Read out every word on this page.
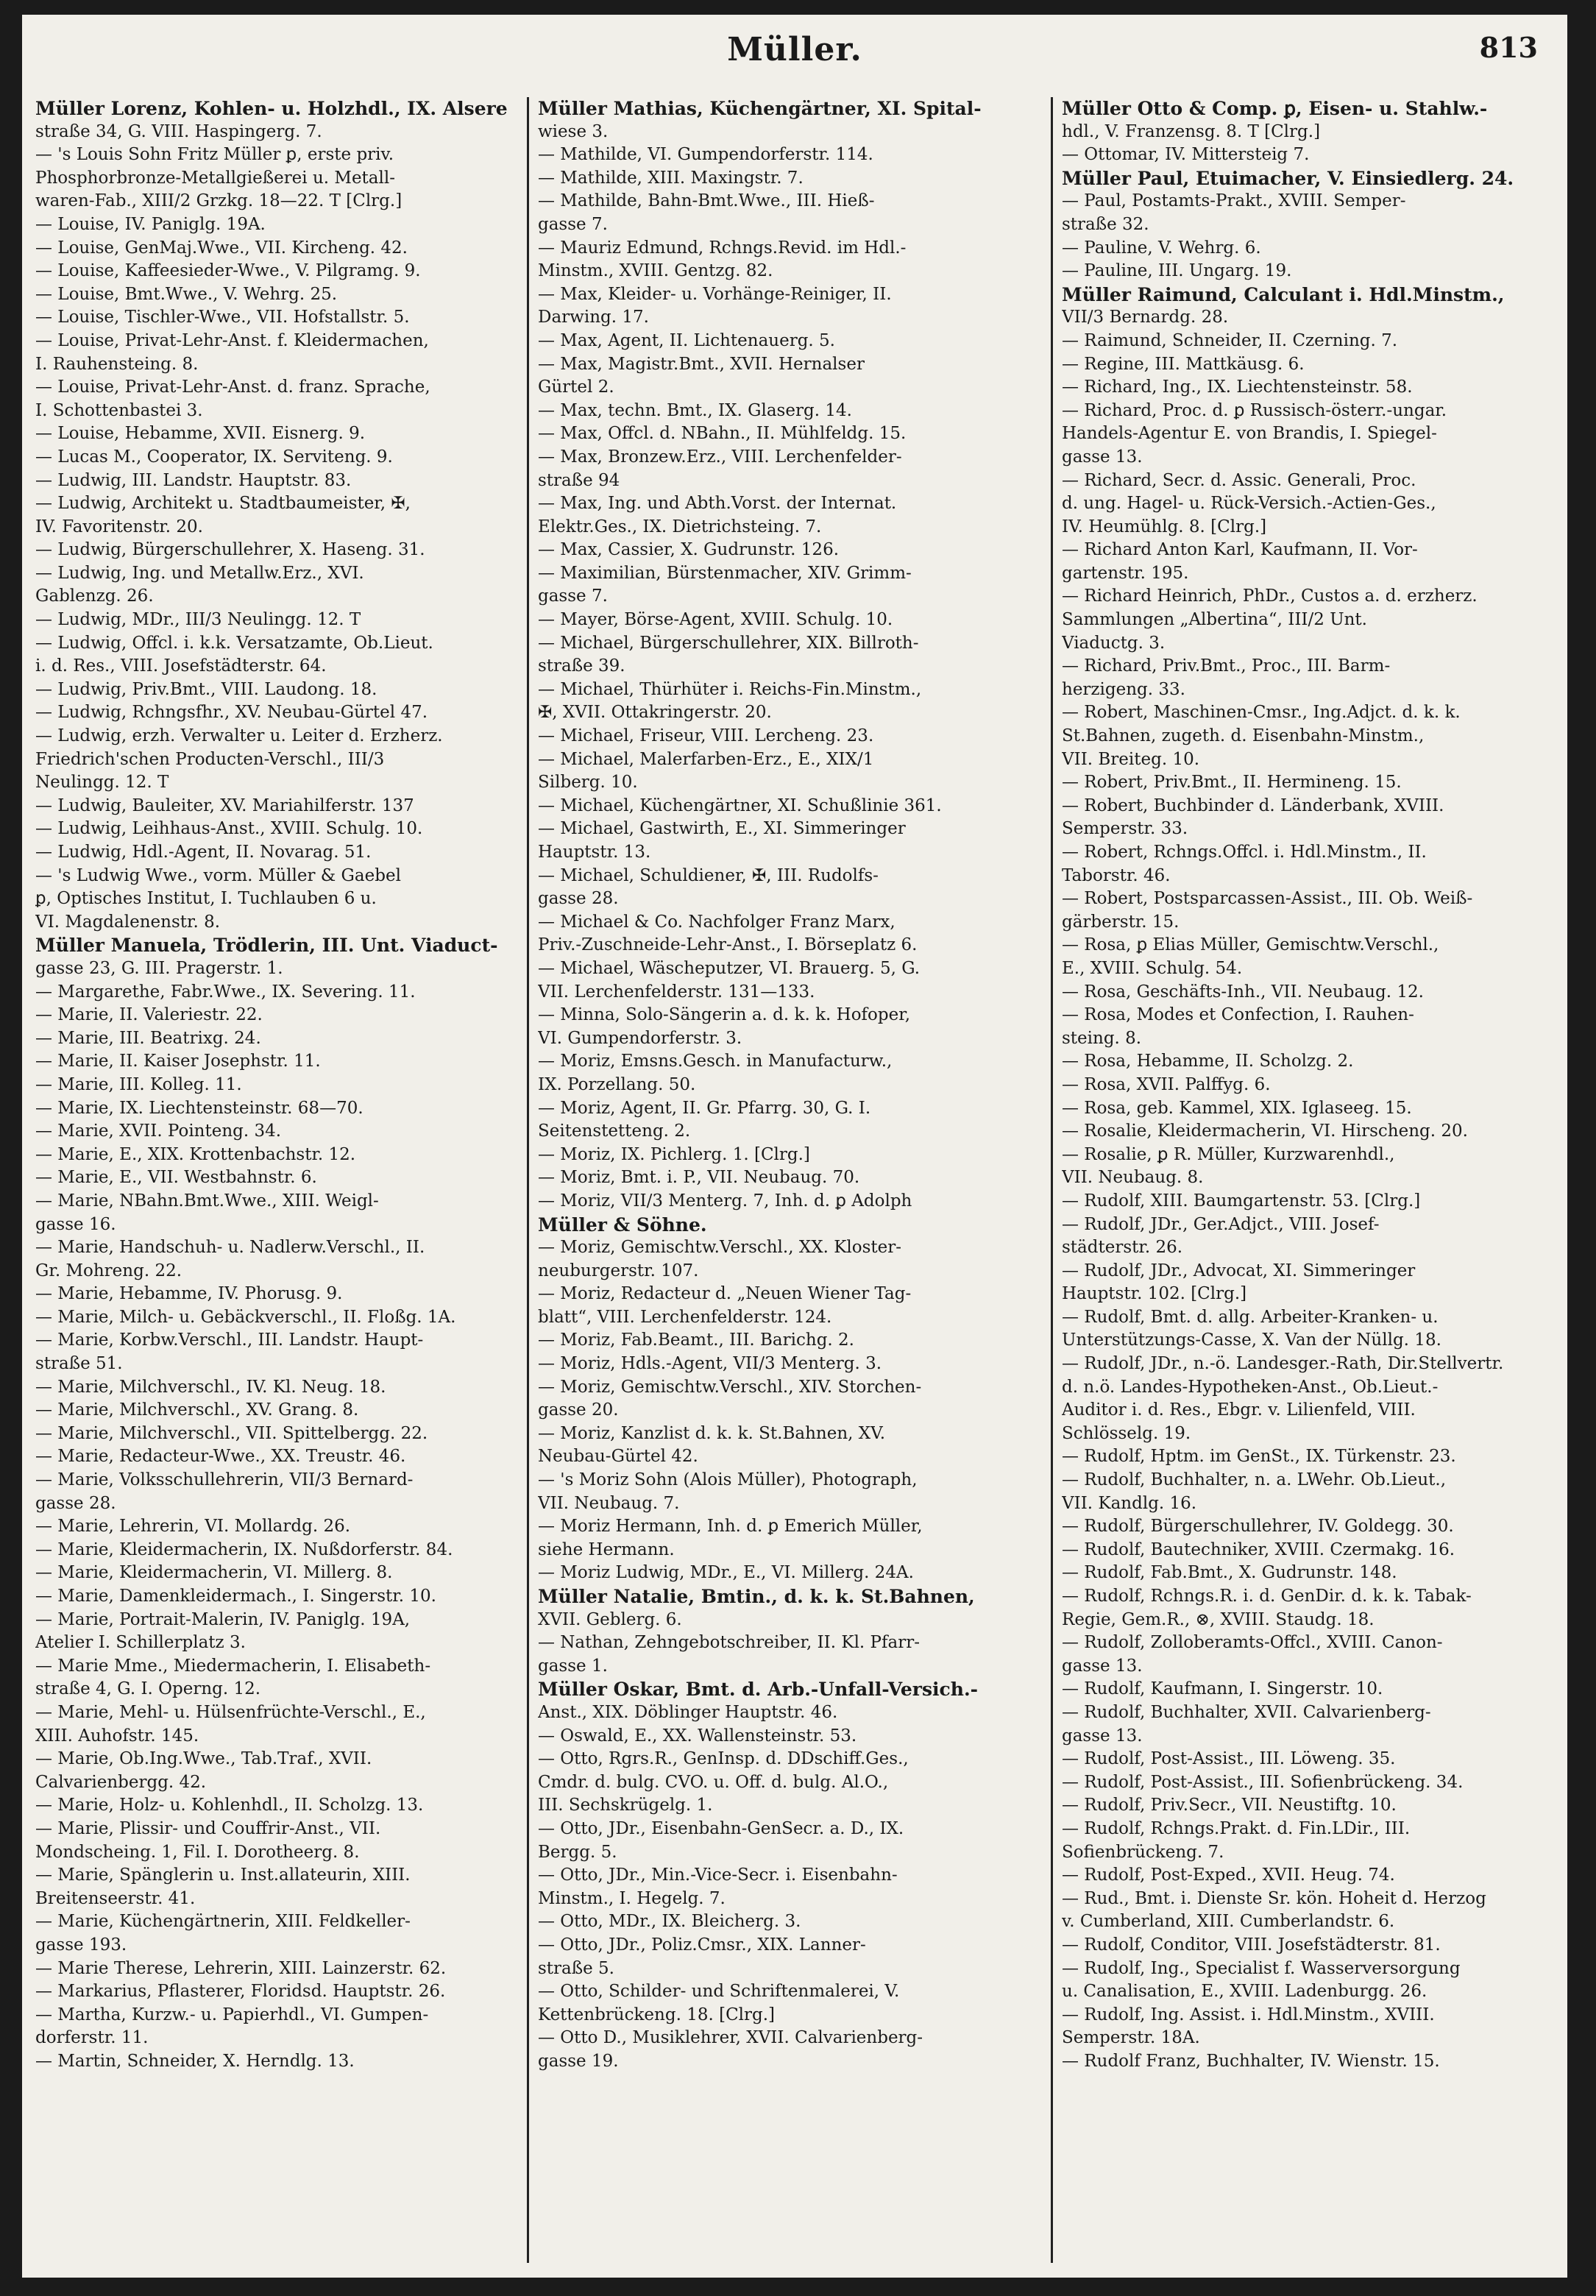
Müller.	813
Müller Lorenz, Kohlen- u. Holzhdl., IX. Alsere
straße 34, G. VIII. Haspingerg. 7.
— 's Louis Sohn Fritz Müller ꝑ, erste priv.
Phosphorbronze-Metallgießerei u. Metall-
waren-Fab., XIII/2 Grzkg. 18—22. T [Clrg.]
— Louise, IV. Paniglg. 19A.
— Louise, GenMaj.Wwe., VII. Kircheng. 42.
— Louise, Kaffeesieder-Wwe., V. Pilgramg. 9.
— Louise, Bmt.Wwe., V. Wehrg. 25.
— Louise, Tischler-Wwe., VII. Hofstallstr. 5.
— Louise, Privat-Lehr-Anst. f. Kleidermachen,
I. Rauhensteing. 8.
— Louise, Privat-Lehr-Anst. d. franz. Sprache,
I. Schottenbastei 3.
— Louise, Hebamme, XVII. Eisnerg. 9.
— Lucas M., Cooperator, IX. Serviteng. 9.
— Ludwig, III. Landstr. Hauptstr. 83.
— Ludwig, Architekt u. Stadtbaumeister, ✠,
IV. Favoritenstr. 20.
— Ludwig, Bürgerschullehrer, X. Haseng. 31.
— Ludwig, Ing. und Metallw.Erz., XVI.
Gablenzg. 26.
— Ludwig, MDr., III/3 Neulingg. 12. T
— Ludwig, Offcl. i. k.k. Versatzamte, Ob.Lieut.
i. d. Res., VIII. Josefstädterstr. 64.
— Ludwig, Priv.Bmt., VIII. Laudong. 18.
— Ludwig, Rchngsfhr., XV. Neubau-Gürtel 47.
— Ludwig, erzh. Verwalter u. Leiter d. Erzherz.
Friedrich'schen Producten-Verschl., III/3
Neulingg. 12. T
— Ludwig, Bauleiter, XV. Mariahilferstr. 137
— Ludwig, Leihhaus-Anst., XVIII. Schulg. 10.
— Ludwig, Hdl.-Agent, II. Novarag. 51.
— 's Ludwig Wwe., vorm. Müller & Gaebel
ꝑ, Optisches Institut, I. Tuchlauben 6 u.
VI. Magdalenenstr. 8.
Müller Manuela, Trödlerin, III. Unt. Viaduct-
gasse 23, G. III. Pragerstr. 1.
— Margarethe, Fabr.Wwe., IX. Severing. 11.
— Marie, II. Valeriestr. 22.
— Marie, III. Beatrixg. 24.
— Marie, II. Kaiser Josephstr. 11.
— Marie, III. Kolleg. 11.
— Marie, IX. Liechtensteinstr. 68—70.
— Marie, XVII. Pointeng. 34.
— Marie, E., XIX. Krottenbachstr. 12.
— Marie, E., VII. Westbahnstr. 6.
— Marie, NBahn.Bmt.Wwe., XIII. Weigl-
gasse 16.
— Marie, Handschuh- u. Nadlerw.Verschl., II.
Gr. Mohreng. 22.
— Marie, Hebamme, IV. Phorusg. 9.
— Marie, Milch- u. Gebäckverschl., II. Floßg. 1A.
— Marie, Korbw.Verschl., III. Landstr. Haupt-
straße 51.
— Marie, Milchverschl., IV. Kl. Neug. 18.
— Marie, Milchverschl., XV. Grang. 8.
— Marie, Milchverschl., VII. Spittelbergg. 22.
— Marie, Redacteur-Wwe., XX. Treustr. 46.
— Marie, Volksschullehrerin, VII/3 Bernard-
gasse 28.
— Marie, Lehrerin, VI. Mollardg. 26.
— Marie, Kleidermacherin, IX. Nußdorferstr. 84.
— Marie, Kleidermacherin, VI. Millerg. 8.
— Marie, Damenkleidermach., I. Singerstr. 10.
— Marie, Portrait-Malerin, IV. Paniglg. 19A,
Atelier I. Schillerplatz 3.
— Marie Mme., Miedermacherin, I. Elisabeth-
straße 4, G. I. Operng. 12.
— Marie, Mehl- u. Hülsenfrüchte-Verschl., E.,
XIII. Auhofstr. 145.
— Marie, Ob.Ing.Wwe., Tab.Traf., XVII.
Calvarienbergg. 42.
— Marie, Holz- u. Kohlenhdl., II. Scholzg. 13.
— Marie, Plissir- und Couffrir-Anst., VII.
Mondscheing. 1, Fil. I. Dorotheerg. 8.
— Marie, Spänglerin u. Inst.allateurin, XIII.
Breitenseerstr. 41.
— Marie, Küchengärtnerin, XIII. Feldkeller-
gasse 193.
— Marie Therese, Lehrerin, XIII. Lainzerstr. 62.
— Markarius, Pflasterer, Floridsd. Hauptstr. 26.
— Martha, Kurzw.- u. Papierhdl., VI. Gumpen-
dorferstr. 11.
— Martin, Schneider, X. Herndlg. 13.
Müller Mathias, Küchengärtner, XI. Spital-
wiese 3.
— Mathilde, VI. Gumpendorferstr. 114.
— Mathilde, XIII. Maxingstr. 7.
— Mathilde, Bahn-Bmt.Wwe., III. Hieß-
gasse 7.
— Mauriz Edmund, Rchngs.Revid. im Hdl.-
Minstm., XVIII. Gentzg. 82.
— Max, Kleider- u. Vorhänge-Reiniger, II.
Darwing. 17.
— Max, Agent, II. Lichtenauerg. 5.
— Max, Magistr.Bmt., XVII. Hernalser
Gürtel 2.
— Max, techn. Bmt., IX. Glaserg. 14.
— Max, Offcl. d. NBahn., II. Mühlfeldg. 15.
— Max, Bronzew.Erz., VIII. Lerchenfelder-
straße 94
— Max, Ing. und Abth.Vorst. der Internat.
Elektr.Ges., IX. Dietrichsteing. 7.
— Max, Cassier, X. Gudrunstr. 126.
— Maximilian, Bürstenmacher, XIV. Grimm-
gasse 7.
— Mayer, Börse-Agent, XVIII. Schulg. 10.
— Michael, Bürgerschullehrer, XIX. Billroth-
straße 39.
— Michael, Thürhüter i. Reichs-Fin.Minstm.,
✠, XVII. Ottakringerstr. 20.
— Michael, Friseur, VIII. Lercheng. 23.
— Michael, Malerfarben-Erz., E., XIX/1
Silberg. 10.
— Michael, Küchengärtner, XI. Schußlinie 361.
— Michael, Gastwirth, E., XI. Simmeringer
Hauptstr. 13.
— Michael, Schuldiener, ✠, III. Rudolfs-
gasse 28.
— Michael & Co. Nachfolger Franz Marx,
Priv.-Zuschneide-Lehr-Anst., I. Börseplatz 6.
— Michael, Wäscheputzer, VI. Brauerg. 5, G.
VII. Lerchenfelderstr. 131—133.
— Minna, Solo-Sängerin a. d. k. k. Hofoper,
VI. Gumpendorferstr. 3.
— Moriz, Emsns.Gesch. in Manufacturw.,
IX. Porzellang. 50.
— Moriz, Agent, II. Gr. Pfarrg. 30, G. I.
Seitenstetteng. 2.
— Moriz, IX. Pichlerg. 1. [Clrg.]
— Moriz, Bmt. i. P., VII. Neubaug. 70.
— Moriz, VII/3 Menterg. 7, Inh. d. ꝑ Adolph
Müller & Söhne.
— Moriz, Gemischtw.Verschl., XX. Kloster-
neuburgerstr. 107.
— Moriz, Redacteur d. „Neuen Wiener Tag-
blatt“, VIII. Lerchenfelderstr. 124.
— Moriz, Fab.Beamt., III. Barichg. 2.
— Moriz, Hdls.-Agent, VII/3 Menterg. 3.
— Moriz, Gemischtw.Verschl., XIV. Storchen-
gasse 20.
— Moriz, Kanzlist d. k. k. St.Bahnen, XV.
Neubau-Gürtel 42.
— 's Moriz Sohn (Alois Müller), Photograph,
VII. Neubaug. 7.
— Moriz Hermann, Inh. d. ꝑ Emerich Müller,
siehe Hermann.
— Moriz Ludwig, MDr., E., VI. Millerg. 24A.
Müller Natalie, Bmtin., d. k. k. St.Bahnen,
XVII. Geblerg. 6.
— Nathan, Zehngebotschreiber, II. Kl. Pfarr-
gasse 1.
Müller Oskar, Bmt. d. Arb.-Unfall-Versich.-
Anst., XIX. Döblinger Hauptstr. 46.
— Oswald, E., XX. Wallensteinstr. 53.
— Otto, Rgrs.R., GenInsp. d. DDschiff.Ges.,
Cmdr. d. bulg. CVO. u. Off. d. bulg. Al.O.,
III. Sechskrügelg. 1.
— Otto, JDr., Eisenbahn-GenSecr. a. D., IX.
Bergg. 5.
— Otto, JDr., Min.-Vice-Secr. i. Eisenbahn-
Minstm., I. Hegelg. 7.
— Otto, MDr., IX. Bleicherg. 3.
— Otto, JDr., Poliz.Cmsr., XIX. Lanner-
straße 5.
— Otto, Schilder- und Schriftenmalerei, V.
Kettenbrückeng. 18. [Clrg.]
— Otto D., Musiklehrer, XVII. Calvarienberg-
gasse 19.
Müller Otto & Comp. ꝑ, Eisen- u. Stahlw.-
hdl., V. Franzensg. 8. T [Clrg.]
— Ottomar, IV. Mittersteig 7.
Müller Paul, Etuimacher, V. Einsiedlerg. 24.
— Paul, Postamts-Prakt., XVIII. Semper-
straße 32.
— Pauline, V. Wehrg. 6.
— Pauline, III. Ungarg. 19.
Müller Raimund, Calculant i. Hdl.Minstm.,
VII/3 Bernardg. 28.
— Raimund, Schneider, II. Czerning. 7.
— Regine, III. Mattkäusg. 6.
— Richard, Ing., IX. Liechtensteinstr. 58.
— Richard, Proc. d. ꝑ Russisch-österr.-ungar.
Handels-Agentur E. von Brandis, I. Spiegel-
gasse 13.
— Richard, Secr. d. Assic. Generali, Proc.
d. ung. Hagel- u. Rück-Versich.-Actien-Ges.,
IV. Heumühlg. 8. [Clrg.]
— Richard Anton Karl, Kaufmann, II. Vor-
gartenstr. 195.
— Richard Heinrich, PhDr., Custos a. d. erzherz.
Sammlungen „Albertina“, III/2 Unt.
Viaductg. 3.
— Richard, Priv.Bmt., Proc., III. Barm-
herzigeng. 33.
— Robert, Maschinen-Cmsr., Ing.Adjct. d. k. k.
St.Bahnen, zugeth. d. Eisenbahn-Minstm.,
VII. Breiteg. 10.
— Robert, Priv.Bmt., II. Hermineng. 15.
— Robert, Buchbinder d. Länderbank, XVIII.
Semperstr. 33.
— Robert, Rchngs.Offcl. i. Hdl.Minstm., II.
Taborstr. 46.
— Robert, Postsparcassen-Assist., III. Ob. Weiß-
gärberstr. 15.
— Rosa, ꝑ Elias Müller, Gemischtw.Verschl.,
E., XVIII. Schulg. 54.
— Rosa, Geschäfts-Inh., VII. Neubaug. 12.
— Rosa, Modes et Confection, I. Rauhen-
steing. 8.
— Rosa, Hebamme, II. Scholzg. 2.
— Rosa, XVII. Palffyg. 6.
— Rosa, geb. Kammel, XIX. Iglaseeg. 15.
— Rosalie, Kleidermacherin, VI. Hirscheng. 20.
— Rosalie, ꝑ R. Müller, Kurzwarenhdl.,
VII. Neubaug. 8.
— Rudolf, XIII. Baumgartenstr. 53. [Clrg.]
— Rudolf, JDr., Ger.Adjct., VIII. Josef-
städterstr. 26.
— Rudolf, JDr., Advocat, XI. Simmeringer
Hauptstr. 102. [Clrg.]
— Rudolf, Bmt. d. allg. Arbeiter-Kranken- u.
Unterstützungs-Casse, X. Van der Nüllg. 18.
— Rudolf, JDr., n.-ö. Landesger.-Rath, Dir.Stellvertr.
d. n.ö. Landes-Hypotheken-Anst., Ob.Lieut.-
Auditor i. d. Res., Ebgr. v. Lilienfeld, VIII.
Schlösselg. 19.
— Rudolf, Hptm. im GenSt., IX. Türkenstr. 23.
— Rudolf, Buchhalter, n. a. LWehr. Ob.Lieut.,
VII. Kandlg. 16.
— Rudolf, Bürgerschullehrer, IV. Goldegg. 30.
— Rudolf, Bautechniker, XVIII. Czermakg. 16.
— Rudolf, Fab.Bmt., X. Gudrunstr. 148.
— Rudolf, Rchngs.R. i. d. GenDir. d. k. k. Tabak-
Regie, Gem.R., ⊗, XVIII. Staudg. 18.
— Rudolf, Zolloberamts-Offcl., XVIII. Canon-
gasse 13.
— Rudolf, Kaufmann, I. Singerstr. 10.
— Rudolf, Buchhalter, XVII. Calvarienberg-
gasse 13.
— Rudolf, Post-Assist., III. Löweng. 35.
— Rudolf, Post-Assist., III. Sofienbrückeng. 34.
— Rudolf, Priv.Secr., VII. Neustiftg. 10.
— Rudolf, Rchngs.Prakt. d. Fin.LDir., III.
Sofienbrückeng. 7.
— Rudolf, Post-Exped., XVII. Heug. 74.
— Rud., Bmt. i. Dienste Sr. kön. Hoheit d. Herzog
v. Cumberland, XIII. Cumberlandstr. 6.
— Rudolf, Conditor, VIII. Josefstädterstr. 81.
— Rudolf, Ing., Specialist f. Wasserversorgung
u. Canalisation, E., XVIII. Ladenburgg. 26.
— Rudolf, Ing. Assist. i. Hdl.Minstm., XVIII.
Semperstr. 18A.
— Rudolf Franz, Buchhalter, IV. Wienstr. 15.
